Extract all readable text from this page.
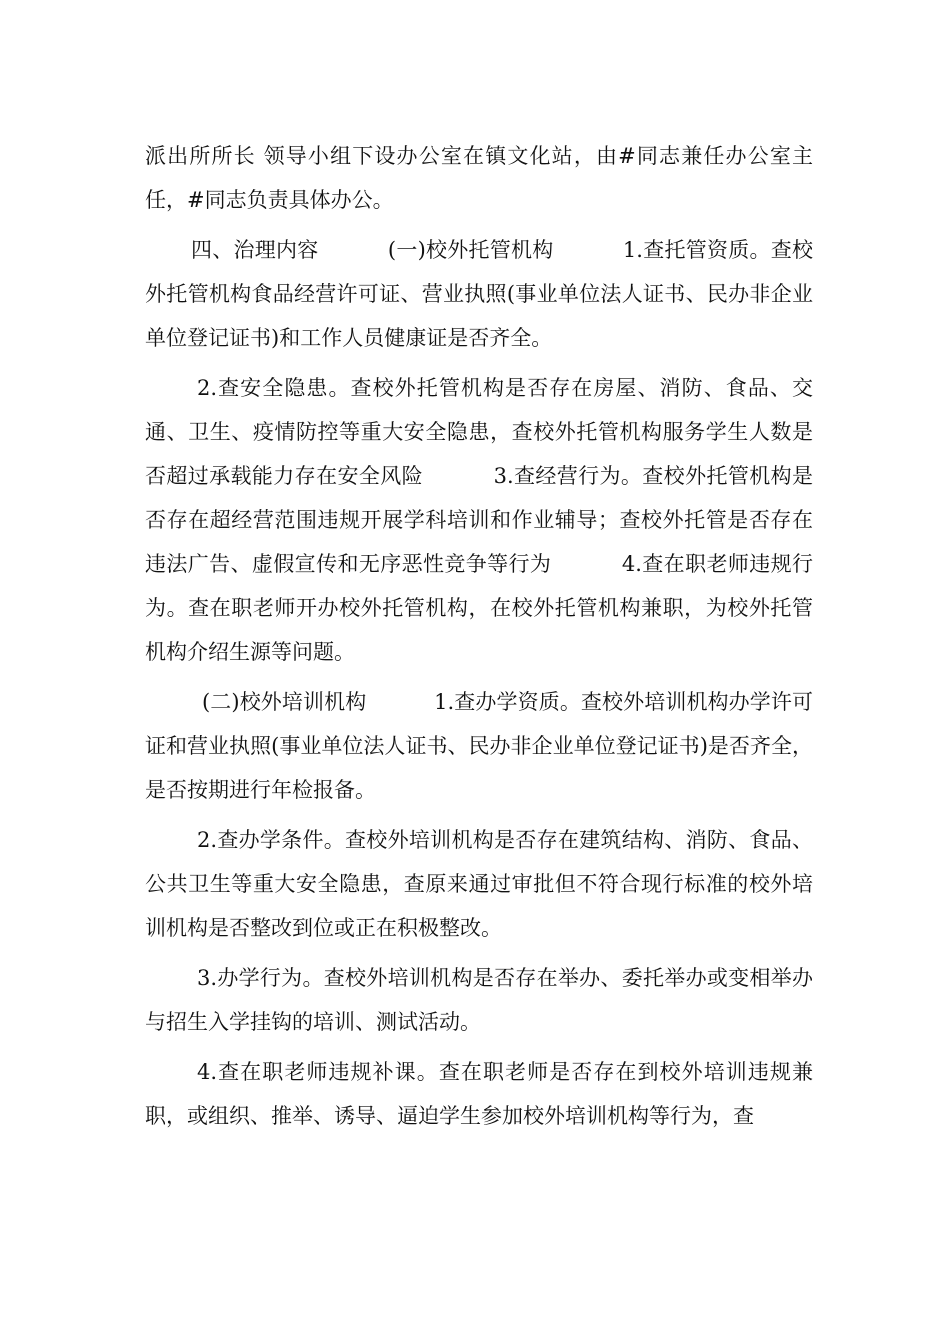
派出所所长 领导小组下设办公室在镇文化站，由#同志兼任办公室主任，#同志负责具体办公。

四、治理内容          (一)校外托管机构          1.查托管资质。查校外托管机构食品经营许可证、营业执照(事业单位法人证书、民办非企业单位登记证书)和工作人员健康证是否齐全。

2.查安全隐患。查校外托管机构是否存在房屋、消防、食品、交通、卫生、疫情防控等重大安全隐患，查校外托管机构服务学生人数是否超过承载能力存在安全风险          3.查经营行为。查校外托管机构是否存在超经营范围违规开展学科培训和作业辅导；查校外托管是否存在违法广告、虚假宣传和无序恶性竞争等行为          4.查在职老师违规行为。查在职老师开办校外托管机构，在校外托管机构兼职，为校外托管机构介绍生源等问题。

(二)校外培训机构          1.查办学资质。查校外培训机构办学许可证和营业执照(事业单位法人证书、民办非企业单位登记证书)是否齐全，是否按期进行年检报备。

2.查办学条件。查校外培训机构是否存在建筑结构、消防、食品、公共卫生等重大安全隐患，查原来通过审批但不符合现行标准的校外培训机构是否整改到位或正在积极整改。

3.办学行为。查校外培训机构是否存在举办、委托举办或变相举办与招生入学挂钩的培训、测试活动。

4.查在职老师违规补课。查在职老师是否存在到校外培训违规兼职，或组织、推举、诱导、逼迫学生参加校外培训机构等行为，查
